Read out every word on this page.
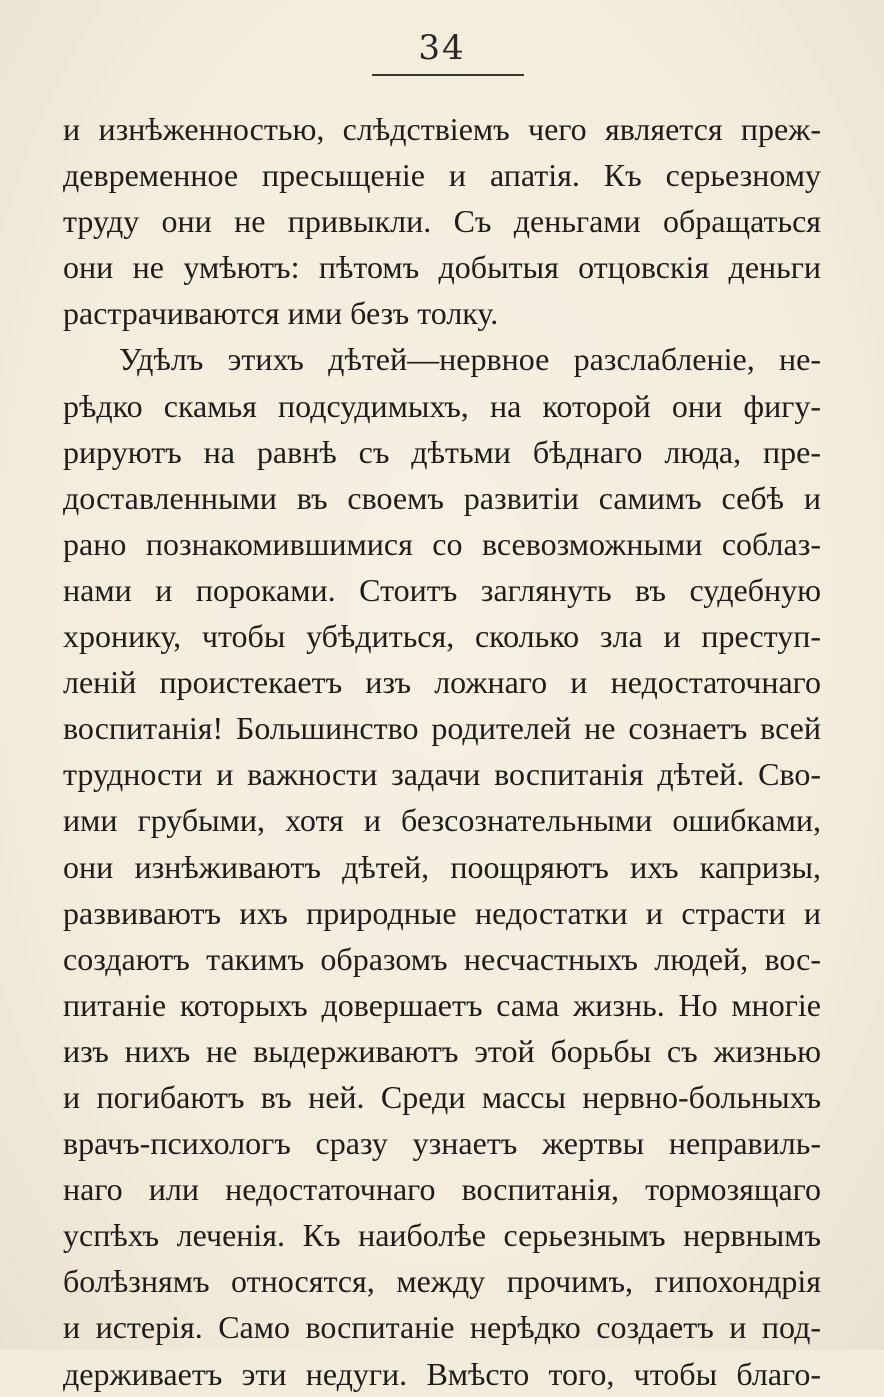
34
и изнѣженностью, слѣдствіемъ чего является преж-
девременное пресыщеніе и апатія. Къ серьезному
труду они не привыкли. Съ деньгами обращаться
они не умѣютъ: пѣтомъ добытыя отцовскія деньги
растрачиваются ими безъ толку.
Удѣлъ этихъ дѣтей—нервное разслабленіе, не-
рѣдко скамья подсудимыхъ, на которой они фигу-
рируютъ на равнѣ съ дѣтьми бѣднаго люда, пре-
доставленными въ своемъ развитіи самимъ себѣ и
рано познакомившимися со всевозможными соблаз-
нами и пороками. Стоитъ заглянуть въ судебную
хронику, чтобы убѣдиться, сколько зла и преступ-
леній проистекаетъ изъ ложнаго и недостаточнаго
воспитанія! Большинство родителей не сознаетъ всей
трудности и важности задачи воспитанія дѣтей. Сво-
ими грубыми, хотя и безсознательными ошибками,
они изнѣживаютъ дѣтей, поощряютъ ихъ капризы,
развиваютъ ихъ природные недостатки и страсти и
создаютъ такимъ образомъ несчастныхъ людей, вос-
питаніе которыхъ довершаетъ сама жизнь. Но многіе
изъ нихъ не выдерживаютъ этой борьбы съ жизнью
и погибаютъ въ ней. Среди массы нервно-больныхъ
врачъ-психологъ сразу узнаетъ жертвы неправиль-
наго или недостаточнаго воспитанія, тормозящаго
успѣхъ леченія. Къ наиболѣе серьезнымъ нервнымъ
болѣзнямъ относятся, между прочимъ, гипохондрія
и истерія. Само воспитаніе нерѣдко создаетъ и под-
держиваетъ эти недуги. Вмѣсто того, чтобы благо-
